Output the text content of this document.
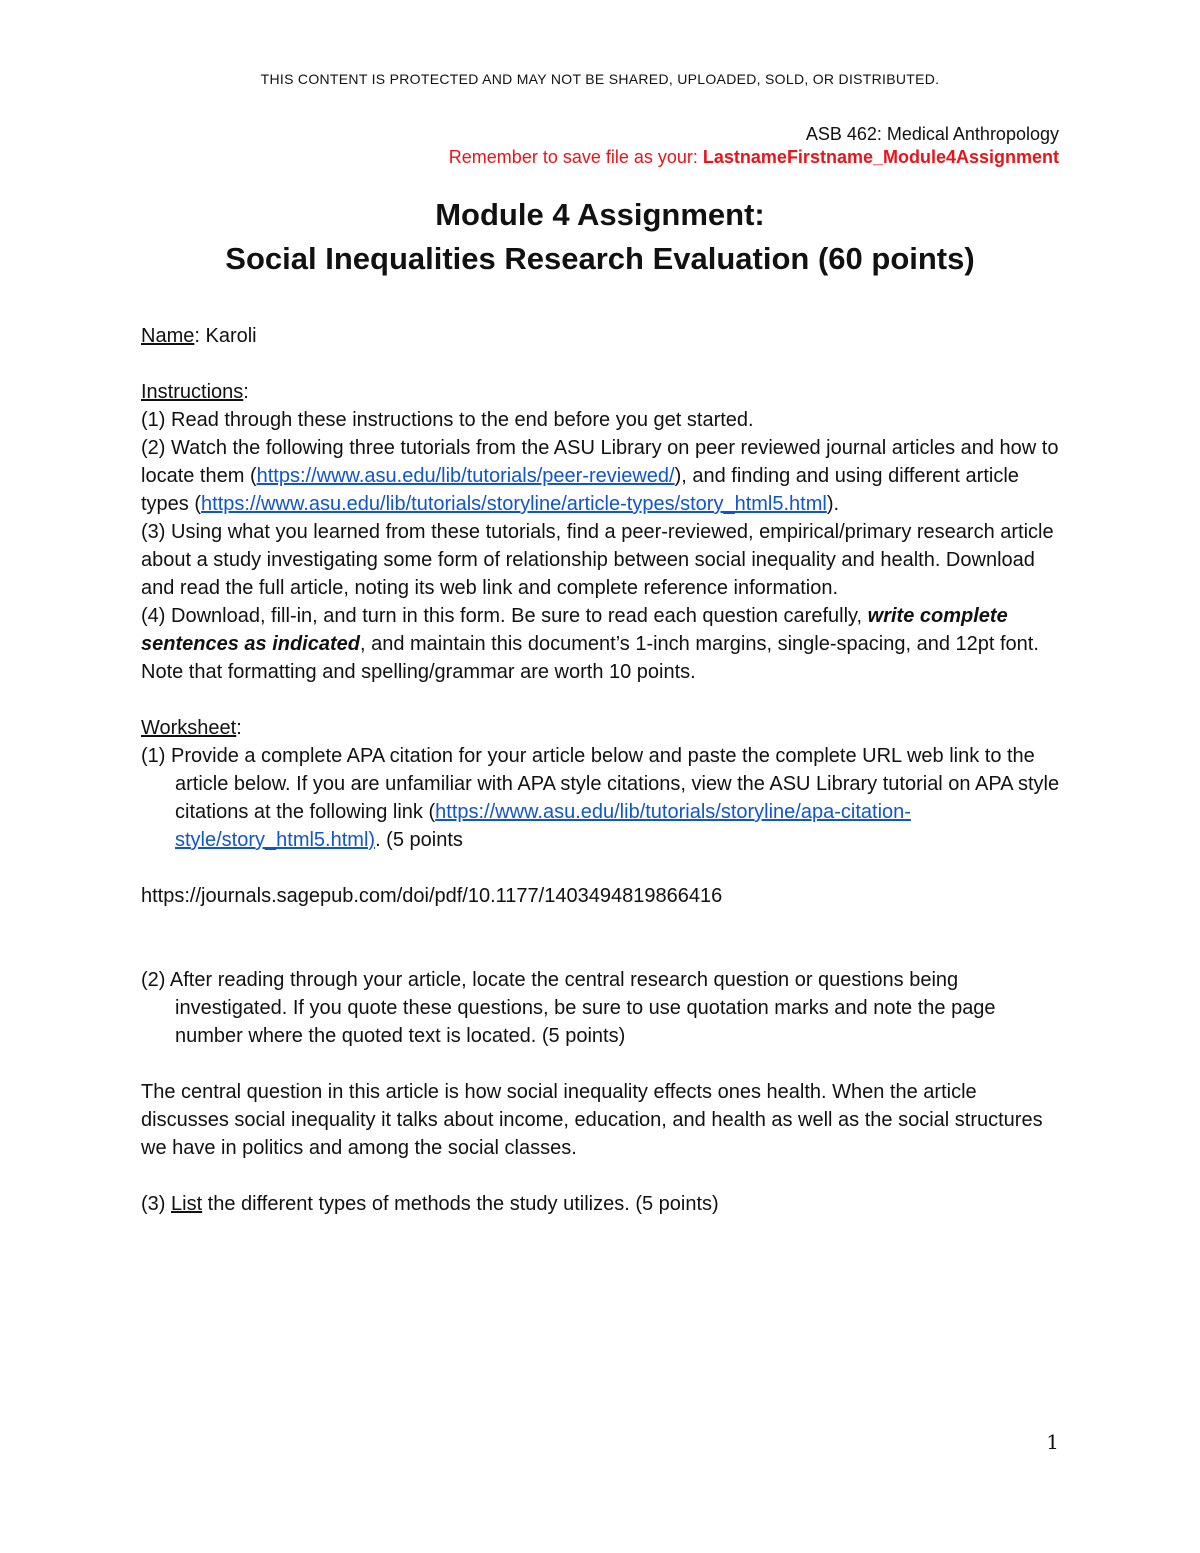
THIS CONTENT IS PROTECTED AND MAY NOT BE SHARED, UPLOADED, SOLD, OR DISTRIBUTED.
ASB 462: Medical Anthropology
Remember to save file as your: LastnameFirstname_Module4Assignment
Module 4 Assignment:
Social Inequalities Research Evaluation (60 points)

Name: Karoli

Instructions:

(1) Read through these instructions to the end before you get started.

(2) Watch the following three tutorials from the ASU Library on peer reviewed journal articles and how to locate them (https://www.asu.edu/lib/tutorials/peer-reviewed/), and finding and using different article types (https://www.asu.edu/lib/tutorials/storyline/article-types/story_html5.html).

(3) Using what you learned from these tutorials, find a peer-reviewed, empirical/primary research article about a study investigating some form of relationship between social inequality and health. Download and read the full article, noting its web link and complete reference information.

(4) Download, fill-in, and turn in this form. Be sure to read each question carefully, write complete sentences as indicated, and maintain this document’s 1-inch margins, single-spacing, and 12pt font. Note that formatting and spelling/grammar are worth 10 points.

Worksheet:

(1) Provide a complete APA citation for your article below and paste the complete URL web link to the article below. If you are unfamiliar with APA style citations, view the ASU Library tutorial on APA style citations at the following link (https://www.asu.edu/lib/tutorials/storyline/apa-citation-style/story_html5.html). (5 points

https://journals.sagepub.com/doi/pdf/10.1177/1403494819866416

(2) After reading through your article, locate the central research question or questions being investigated. If you quote these questions, be sure to use quotation marks and note the page number where the quoted text is located. (5 points)

The central question in this article is how social inequality effects ones health. When the article discusses social inequality it talks about income, education, and health as well as the social structures we have in politics and among the social classes.

(3) List the different types of methods the study utilizes. (5 points)

1
